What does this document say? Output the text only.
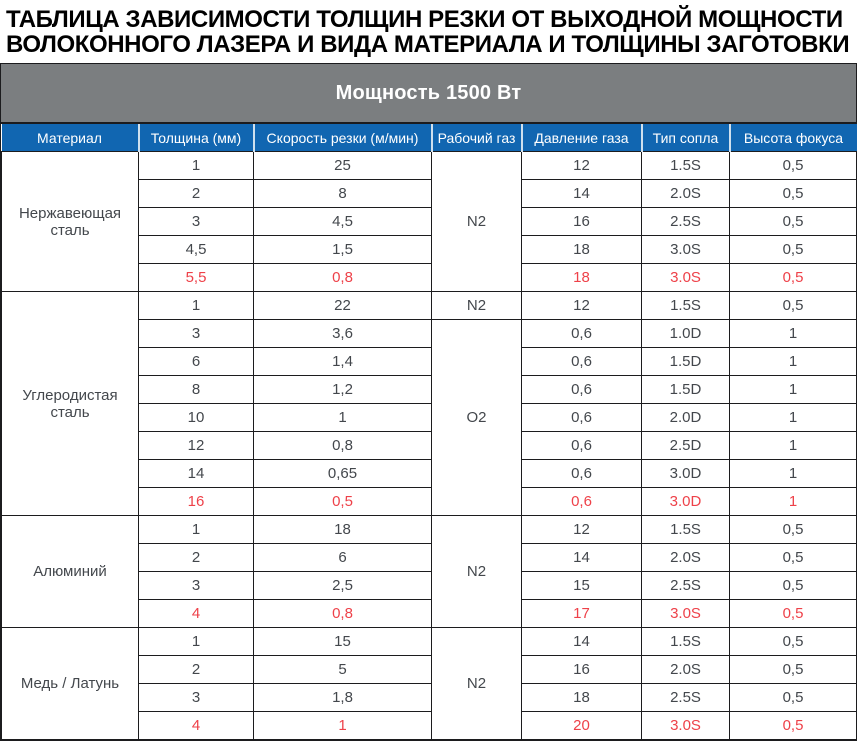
ТАБЛИЦА ЗАВИСИМОСТИ ТОЛЩИН РЕЗКИ ОТ ВЫХОДНОЙ МОЩНОСТИ
ВОЛОКОННОГО ЛАЗЕРА И ВИДА МАТЕРИАЛА И ТОЛЩИНЫ ЗАГОТОВКИ
Мощность 1500 Вт
Материал	Толщина (мм)	Скорость резки (м/мин)	Рабочий газ	Давление газа	Тип сопла	Высота фокуса
Нержавеющая сталь	1	25	N2	12	1.5S	0,5
	2	8		14	2.0S	0,5
	3	4,5		16	2.5S	0,5
	4,5	1,5		18	3.0S	0,5
	5,5	0,8		18	3.0S	0,5
Углеродистая сталь	1	22	N2	12	1.5S	0,5
	3	3,6	O2	0,6	1.0D	1
	6	1,4		0,6	1.5D	1
	8	1,2		0,6	1.5D	1
	10	1		0,6	2.0D	1
	12	0,8		0,6	2.5D	1
	14	0,65		0,6	3.0D	1
	16	0,5		0,6	3.0D	1
Алюминий	1	18	N2	12	1.5S	0,5
	2	6		14	2.0S	0,5
	3	2,5		15	2.5S	0,5
	4	0,8		17	3.0S	0,5
Медь / Латунь	1	15	N2	14	1.5S	0,5
	2	5		16	2.0S	0,5
	3	1,8		18	2.5S	0,5
	4	1		20	3.0S	0,5
